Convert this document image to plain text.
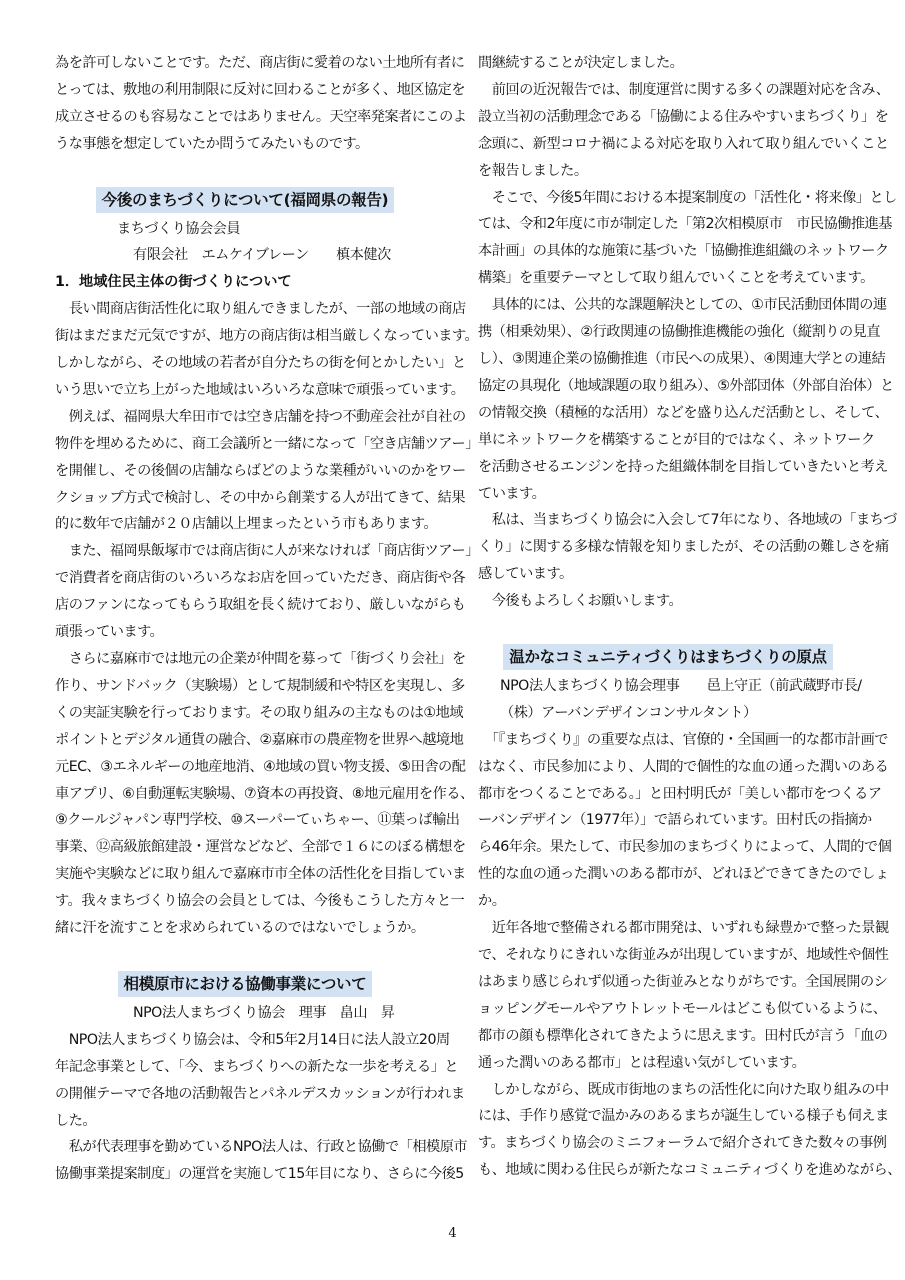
為を許可しないことです。ただ、商店街に愛着のない土地所有者に

とっては、敷地の利用制限に反対に回わることが多く、地区協定を

成立させるのも容易なことではありません。天空率発案者にこのよ

うな事態を想定していたか問うてみたいものです。

今後のまちづくりについて(福岡県の報告)

まちづくり協会会員

有限会社　エムケイブレーン　　槙本健次

1．地域住民主体の街づくりについて

　長い間商店街活性化に取り組んできましたが、一部の地域の商店

街はまだまだ元気ですが、地方の商店街は相当厳しくなっています。

しかしながら、その地域の若者が自分たちの街を何とかしたい」と

いう思いで立ち上がった地域はいろいろな意味で頑張っています。

　例えば、福岡県大牟田市では空き店舗を持つ不動産会社が自社の

物件を埋めるために、商工会議所と一緒になって「空き店舗ツアー」

を開催し、その後個の店舗ならばどのような業種がいいのかをワー

クショップ方式で検討し、その中から創業する人が出てきて、結果

的に数年で店舗が２０店舗以上埋まったという市もあります。

　また、福岡県飯塚市では商店街に人が来なければ「商店街ツアー」

で消費者を商店街のいろいろなお店を回っていただき、商店街や各

店のファンになってもらう取組を長く続けており、厳しいながらも

頑張っています。

　さらに嘉麻市では地元の企業が仲間を募って「街づくり会社」を

作り、サンドバック（実験場）として規制緩和や特区を実現し、多

くの実証実験を行っております。その取り組みの主なものは①地域

ポイントとデジタル通貨の融合、②嘉麻市の農産物を世界へ越境地

元EC、③エネルギーの地産地消、④地域の買い物支援、⑤田舎の配

車アプリ、⑥自動運転実験場、⑦資本の再投資、⑧地元雇用を作る、

⑨クールジャパン専門学校、⑩スーパーてぃちゃー、⑪葉っぱ輸出

事業、⑫高級旅館建設・運営などなど、全部で１６にのぼる構想を

実施や実験などに取り組んで嘉麻市市全体の活性化を目指していま

す。我々まちづくり協会の会員としては、今後もこうした方々と一

緒に汗を流すことを求められているのではないでしょうか。

相模原市における協働事業について

NPO法人まちづくり協会　理事　畠山　昇

　NPO法人まちづくり協会は、令和5年2月14日に法人設立20周

年記念事業として、「今、まちづくりへの新たな一歩を考える」と

の開催テーマで各地の活動報告とパネルデスカッションが行われま

した。

　私が代表理事を勤めているNPO法人は、行政と協働で「相模原市

協働事業提案制度」の運営を実施して15年目になり、さらに今後5

間継続することが決定しました。

　前回の近況報告では、制度運営に関する多くの課題対応を含み、

設立当初の活動理念である「協働による住みやすいまちづくり」を

念頭に、新型コロナ禍による対応を取り入れて取り組んでいくこと

を報告しました。

　そこで、今後5年間における本提案制度の「活性化・将来像」とし

ては、令和2年度に市が制定した「第2次相模原市　市民協働推進基

本計画」の具体的な施策に基づいた「協働推進組織のネットワーク

構築」を重要テーマとして取り組んでいくことを考えています。

　具体的には、公共的な課題解決としての、①市民活動団体間の連

携（相乗効果）、②行政関連の協働推進機能の強化（縦割りの見直

し）、③関連企業の協働推進（市民への成果）、④関連大学との連結

協定の具現化（地域課題の取り組み）、⑤外部団体（外部自治体）と

の情報交換（積極的な活用）などを盛り込んだ活動とし、そして、

単にネットワークを構築することが目的ではなく、ネットワーク

を活動させるエンジンを持った組織体制を目指していきたいと考え

ています。

　私は、当まちづくり協会に入会して7年になり、各地域の「まちづ

くり」に関する多様な情報を知りましたが、その活動の難しさを痛

感しています。

　今後もよろしくお願いします。

温かなコミュニティづくりはまちづくりの原点

NPO法人まちづくり協会理事　　邑上守正（前武蔵野市長/

（株）アーバンデザインコンサルタント）

　「『まちづくり』の重要な点は、官僚的・全国画一的な都市計画で

はなく、市民参加により、人間的で個性的な血の通った潤いのある

都市をつくることである。」と田村明氏が「美しい都市をつくるア

ーバンデザイン（1977年）」で語られています。田村氏の指摘か

ら46年余。果たして、市民参加のまちづくりによって、人間的で個

性的な血の通った潤いのある都市が、どれほどできてきたのでしょ

か。

　近年各地で整備される都市開発は、いずれも緑豊かで整った景観

で、それなりにきれいな街並みが出現していますが、地域性や個性

はあまり感じられず似通った街並みとなりがちです。全国展開のシ

ョッピングモールやアウトレットモールはどこも似ているように、

都市の顔も標準化されてきたように思えます。田村氏が言う「血の

通った潤いのある都市」とは程遠い気がしています。

　しかしながら、既成市街地のまちの活性化に向けた取り組みの中

には、手作り感覚で温かみのあるまちが誕生している様子も伺えま

す。まちづくり協会のミニフォーラムで紹介されてきた数々の事例

も、地域に関わる住民らが新たなコミュニティづくりを進めながら、

4
